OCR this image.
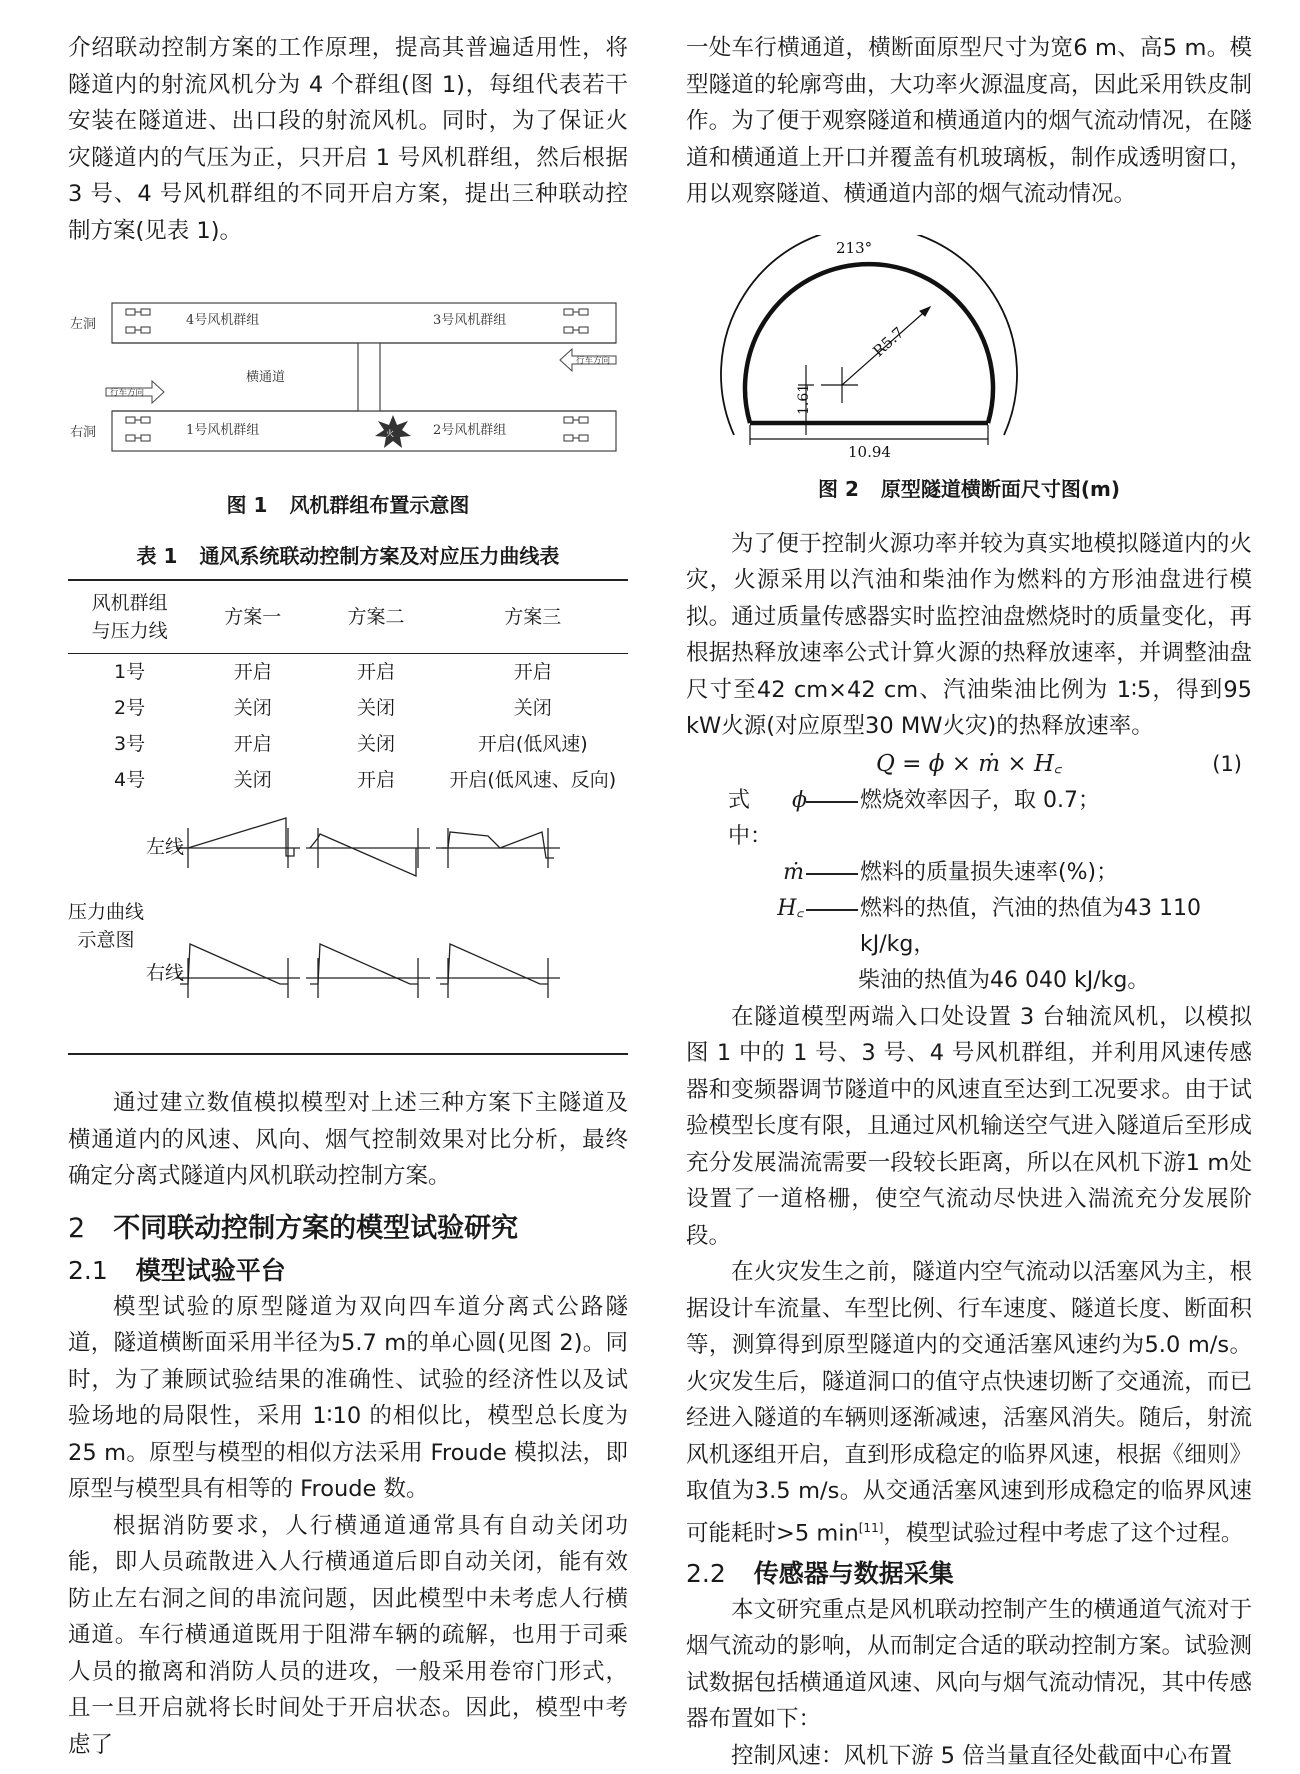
介绍联动控制方案的工作原理，提高其普遍适用性，将隧道内的射流风机分为 4 个群组(图 1)，每组代表若干安装在隧道进、出口段的射流风机。同时，为了保证火灾隧道内的气压为正，只开启 1 号风机群组，然后根据 3 号、4 号风机群组的不同开启方案，提出三种联动控制方案(见表 1)。

左洞
右洞
4号风机群组	3号风机群组
1号风机群组	2号风机群组
横通道
行车方向
行车方向
火
图 1 风机群组布置示意图
表 1 通风系统联动控制方案及对应压力曲线表
风机群组
与压力线	方案一	方案二	方案三
1号	开启	开启	开启
2号	关闭	关闭	关闭
3号	开启	关闭	开启(低风速)
4号	关闭	开启	开启(低风速、反向)
左线
压力曲线
示意图
右线

通过建立数值模拟模型对上述三种方案下主隧道及横通道内的风速、风向、烟气控制效果对比分析，最终确定分离式隧道内风机联动控制方案。

2 不同联动控制方案的模型试验研究
2.1 模型试验平台

模型试验的原型隧道为双向四车道分离式公路隧道，隧道横断面采用半径为5.7 m的单心圆(见图 2)。同时，为了兼顾试验结果的准确性、试验的经济性以及试验场地的局限性，采用 1∶10 的相似比，模型总长度为 25 m。原型与模型的相似方法采用 Froude 模拟法，即原型与模型具有相等的 Froude 数。

根据消防要求，人行横通道通常具有自动关闭功能，即人员疏散进入人行横通道后即自动关闭，能有效防止左右洞之间的串流问题，因此模型中未考虑人行横通道。车行横通道既用于阻滞车辆的疏解，也用于司乘人员的撤离和消防人员的进攻，一般采用卷帘门形式，且一旦开启就将长时间处于开启状态。因此，模型中考虑了

一处车行横通道，横断面原型尺寸为宽6 m、高5 m。模型隧道的轮廓弯曲，大功率火源温度高，因此采用铁皮制作。为了便于观察隧道和横通道内的烟气流动情况，在隧道和横通道上开口并覆盖有机玻璃板，制作成透明窗口，用以观察隧道、横通道内部的烟气流动情况。

213°
R5.7
1.61
10.94
图 2 原型隧道横断面尺寸图(m)

为了便于控制火源功率并较为真实地模拟隧道内的火灾，火源采用以汽油和柴油作为燃料的方形油盘进行模拟。通过质量传感器实时监控油盘燃烧时的质量变化，再根据热释放速率公式计算火源的热释放速率，并调整油盘尺寸至42 cm×42 cm、汽油柴油比例为 1∶5，得到95 kW火源(对应原型30 MW火灾)的热释放速率。

Q = ϕ × ṁ × H꜀	(1)
式中：
ϕ 燃烧效率因子，取 0.7；
ṁ	燃料的质量损失速率(%)；
H꜀	燃料的热值，汽油的热值为43 110 kJ/kg，
柴油的热值为46 040 kJ/kg。

在隧道模型两端入口处设置 3 台轴流风机，以模拟图 1 中的 1 号、3 号、4 号风机群组，并利用风速传感器和变频器调节隧道中的风速直至达到工况要求。由于试验模型长度有限，且通过风机输送空气进入隧道后至形成充分发展湍流需要一段较长距离，所以在风机下游1 m处设置了一道格栅，使空气流动尽快进入湍流充分发展阶段。

在火灾发生之前，隧道内空气流动以活塞风为主，根据设计车流量、车型比例、行车速度、隧道长度、断面积等，测算得到原型隧道内的交通活塞风速约为5.0 m/s。火灾发生后，隧道洞口的值守点快速切断了交通流，而已经进入隧道的车辆则逐渐减速，活塞风消失。随后，射流风机逐组开启，直到形成稳定的临界风速，根据《细则》取值为3.5 m/s。从交通活塞风速到形成稳定的临界风速可能耗时>5 min[11]，模型试验过程中考虑了这个过程。

2.2 传感器与数据采集

本文研究重点是风机联动控制产生的横通道气流对于烟气流动的影响，从而制定合适的联动控制方案。试验测试数据包括横通道风速、风向与烟气流动情况，其中传感器布置如下：

控制风速：风机下游 5 倍当量直径处截面中心布置
